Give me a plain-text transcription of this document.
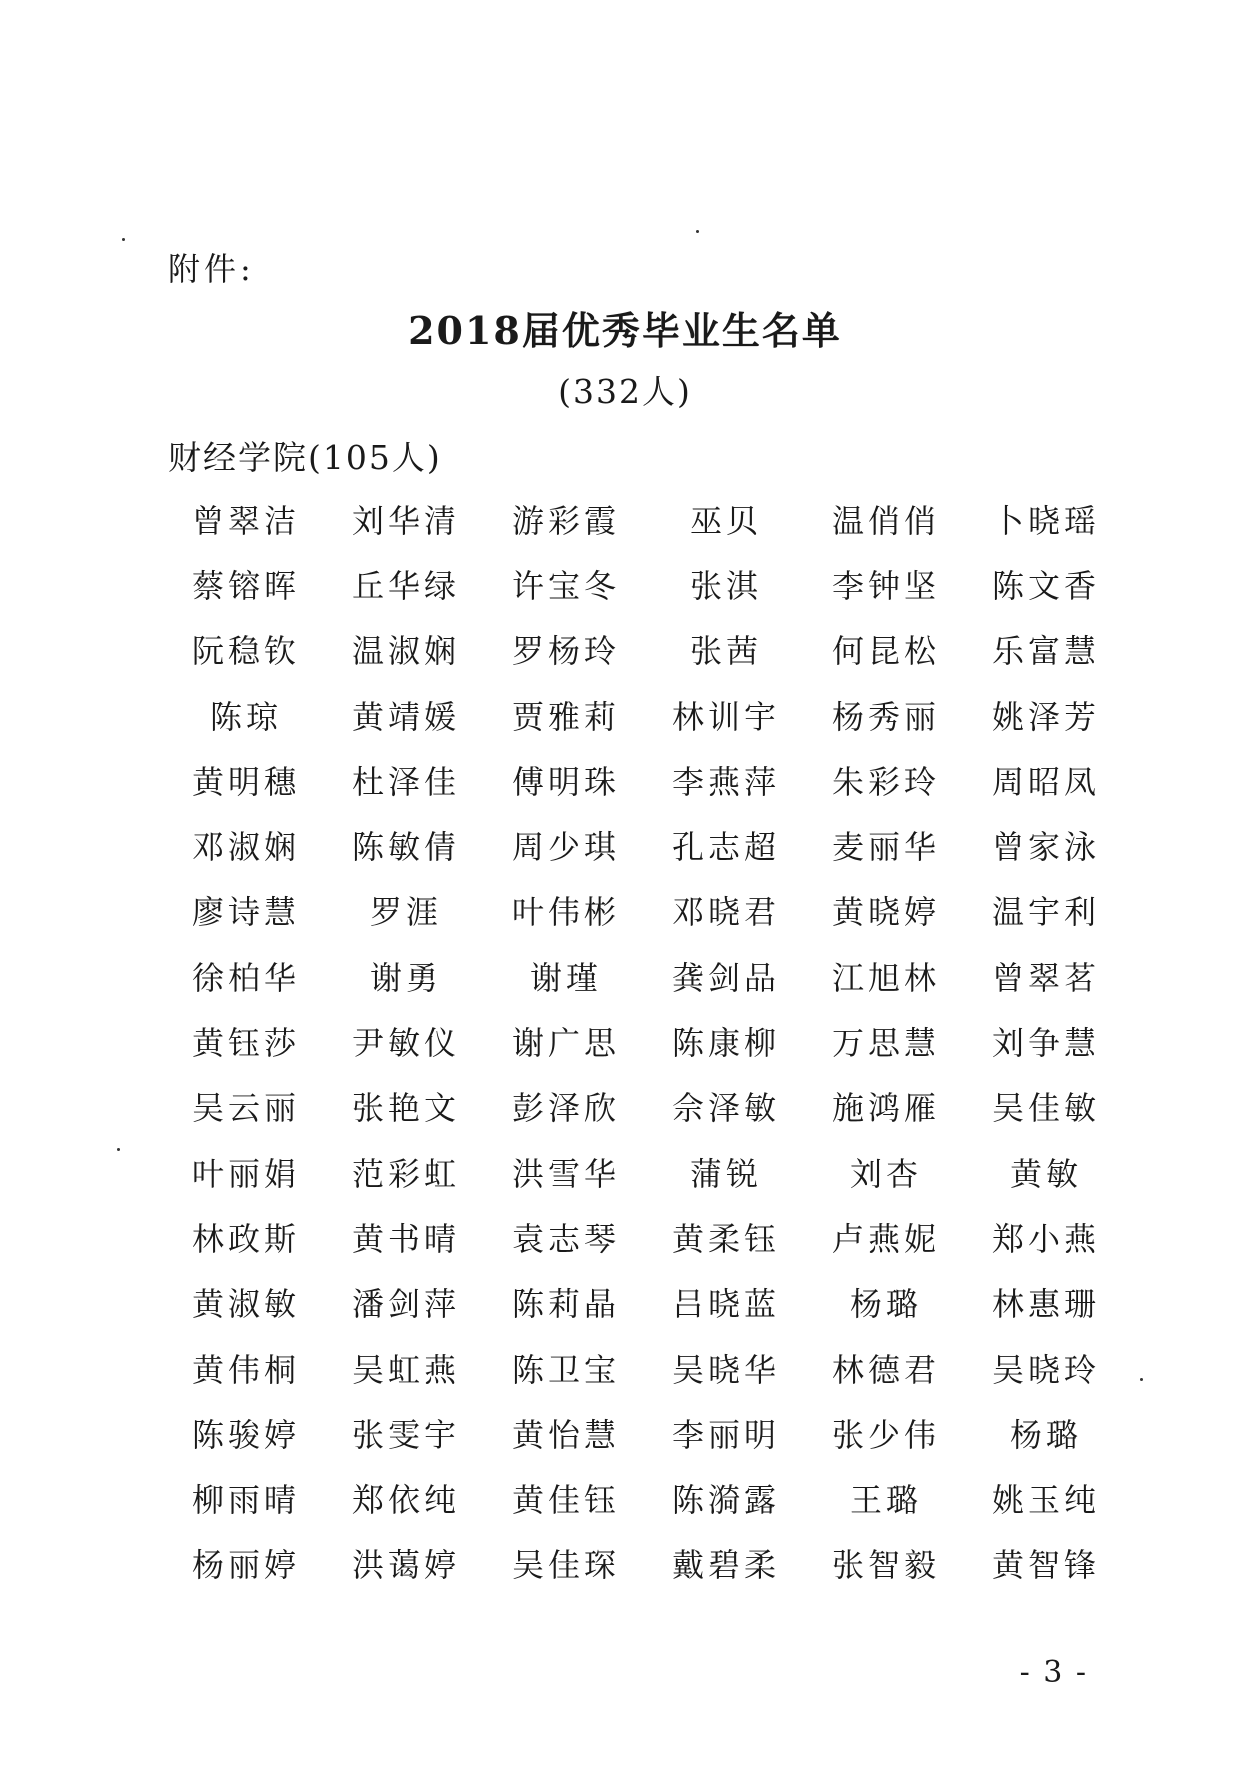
附件:
2018届优秀毕业生名单
(332人)
财经学院(105人)
曾翠洁	刘华清	游彩霞	巫贝	温俏俏	卜晓瑶
蔡镕晖	丘华绿	许宝冬	张淇	李钟坚	陈文香
阮稳钦	温淑娴	罗杨玲	张茜	何昆松	乐富慧
陈琼	黄靖媛	贾雅莉	林训宇	杨秀丽	姚泽芳
黄明穗	杜泽佳	傅明珠	李燕萍	朱彩玲	周昭凤
邓淑娴	陈敏倩	周少琪	孔志超	麦丽华	曾家泳
廖诗慧	罗涯	叶伟彬	邓晓君	黄晓婷	温宇利
徐柏华	谢勇	谢瑾	龚剑品	江旭林	曾翠茗
黄钰莎	尹敏仪	谢广思	陈康柳	万思慧	刘争慧
吴云丽	张艳文	彭泽欣	佘泽敏	施鸿雁	吴佳敏
叶丽娟	范彩虹	洪雪华	蒲锐	刘杏	黄敏
林政斯	黄书晴	袁志琴	黄柔钰	卢燕妮	郑小燕
黄淑敏	潘剑萍	陈莉晶	吕晓蓝	杨璐	林惠珊
黄伟桐	吴虹燕	陈卫宝	吴晓华	林德君	吴晓玲
陈骏婷	张雯宇	黄怡慧	李丽明	张少伟	杨璐
柳雨晴	郑依纯	黄佳钰	陈漪露	王璐	姚玉纯
杨丽婷	洪蔼婷	吴佳琛	戴碧柔	张智毅	黄智锋
- 3 -
